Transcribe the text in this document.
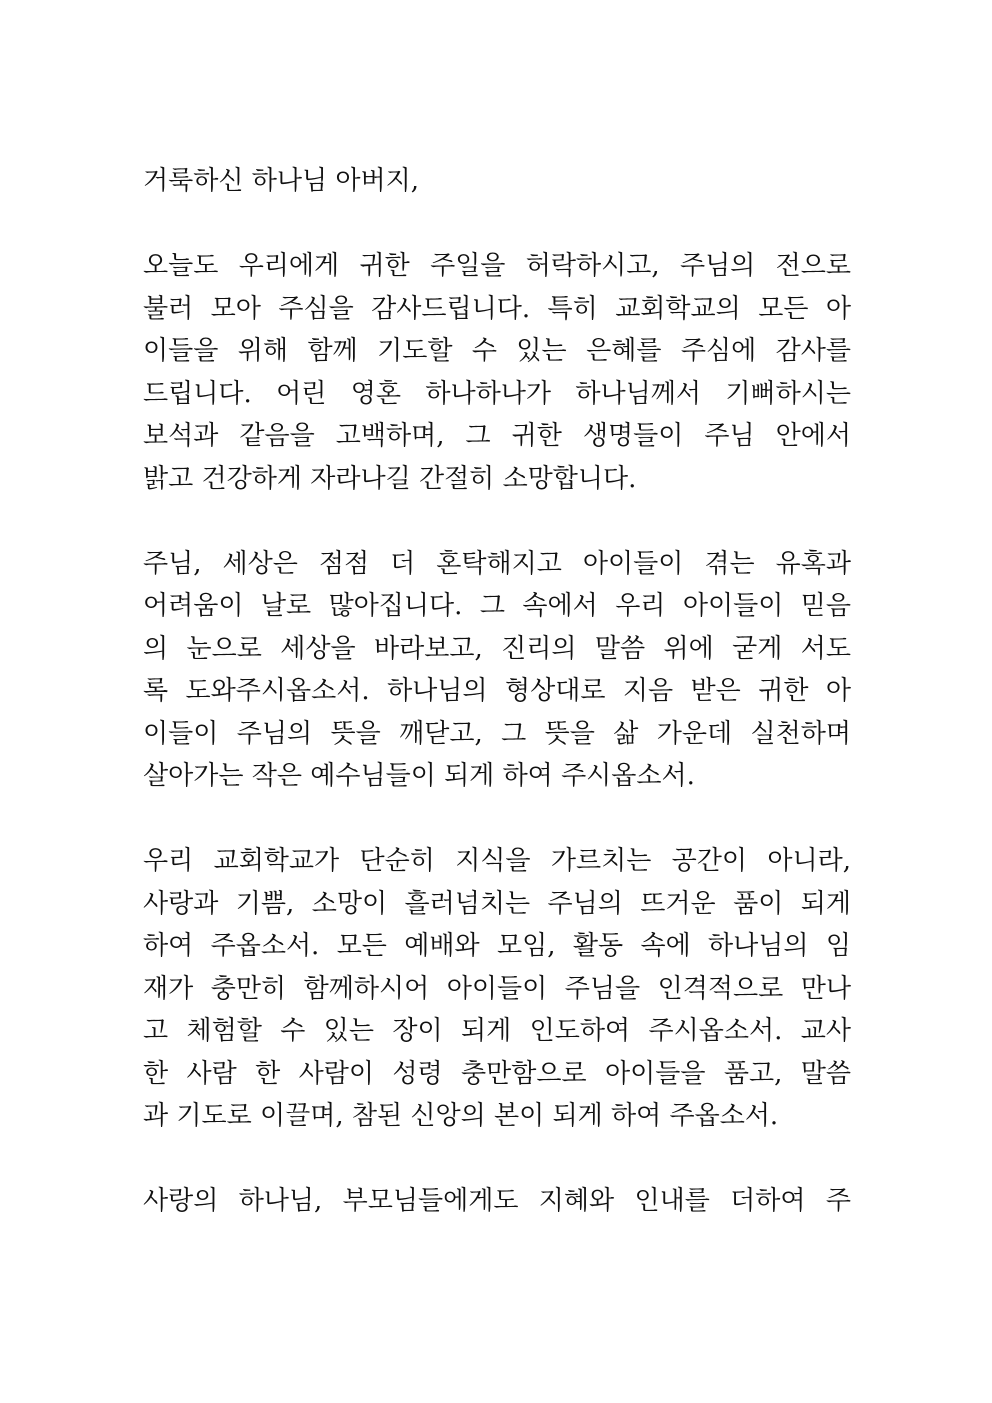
거룩하신 하나님 아버지,
오늘도 우리에게 귀한 주일을 허락하시고, 주님의 전으로
불러 모아 주심을 감사드립니다. 특히 교회학교의 모든 아
이들을 위해 함께 기도할 수 있는 은혜를 주심에 감사를
드립니다. 어린 영혼 하나하나가 하나님께서 기뻐하시는
보석과 같음을 고백하며, 그 귀한 생명들이 주님 안에서
밝고 건강하게 자라나길 간절히 소망합니다.
주님, 세상은 점점 더 혼탁해지고 아이들이 겪는 유혹과
어려움이 날로 많아집니다. 그 속에서 우리 아이들이 믿음
의 눈으로 세상을 바라보고, 진리의 말씀 위에 굳게 서도
록 도와주시옵소서. 하나님의 형상대로 지음 받은 귀한 아
이들이 주님의 뜻을 깨닫고, 그 뜻을 삶 가운데 실천하며
살아가는 작은 예수님들이 되게 하여 주시옵소서.
우리 교회학교가 단순히 지식을 가르치는 공간이 아니라,
사랑과 기쁨, 소망이 흘러넘치는 주님의 뜨거운 품이 되게
하여 주옵소서. 모든 예배와 모임, 활동 속에 하나님의 임
재가 충만히 함께하시어 아이들이 주님을 인격적으로 만나
고 체험할 수 있는 장이 되게 인도하여 주시옵소서. 교사
한 사람 한 사람이 성령 충만함으로 아이들을 품고, 말씀
과 기도로 이끌며, 참된 신앙의 본이 되게 하여 주옵소서.
사랑의 하나님, 부모님들에게도 지혜와 인내를 더하여 주
